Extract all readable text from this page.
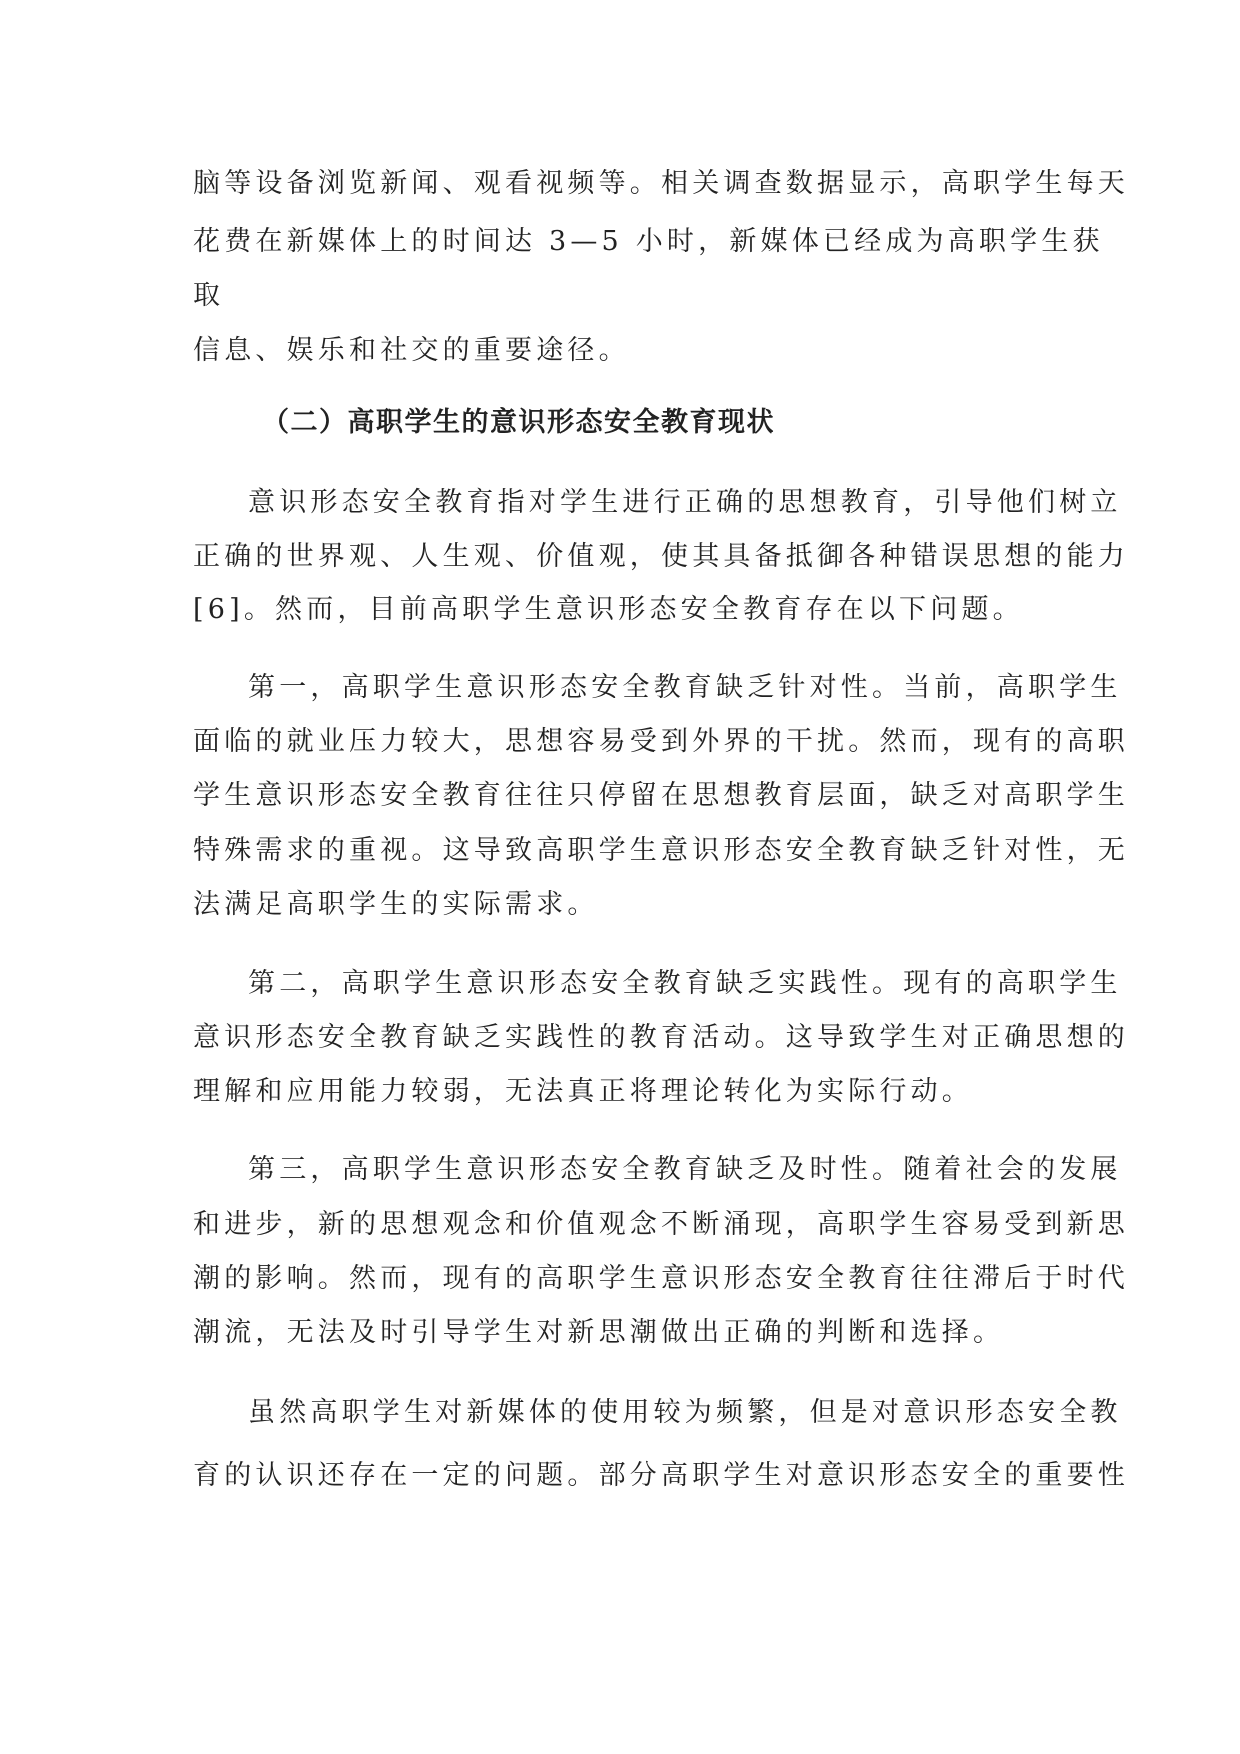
脑等设备浏览新闻、观看视频等。相关调查数据显示，高职学生每天
花费在新媒体上的时间达 3—5 小时，新媒体已经成为高职学生获
取
信息、娱乐和社交的重要途径。
（二）高职学生的意识形态安全教育现状
意识形态安全教育指对学生进行正确的思想教育，引导他们树立
正确的世界观、人生观、价值观，使其具备抵御各种错误思想的能力
[6]。然而，目前高职学生意识形态安全教育存在以下问题。
第一，高职学生意识形态安全教育缺乏针对性。当前，高职学生
面临的就业压力较大，思想容易受到外界的干扰。然而，现有的高职
学生意识形态安全教育往往只停留在思想教育层面，缺乏对高职学生
特殊需求的重视。这导致高职学生意识形态安全教育缺乏针对性，无
法满足高职学生的实际需求。
第二，高职学生意识形态安全教育缺乏实践性。现有的高职学生
意识形态安全教育缺乏实践性的教育活动。这导致学生对正确思想的
理解和应用能力较弱，无法真正将理论转化为实际行动。
第三，高职学生意识形态安全教育缺乏及时性。随着社会的发展
和进步，新的思想观念和价值观念不断涌现，高职学生容易受到新思
潮的影响。然而，现有的高职学生意识形态安全教育往往滞后于时代
潮流，无法及时引导学生对新思潮做出正确的判断和选择。
虽然高职学生对新媒体的使用较为频繁，但是对意识形态安全教
育的认识还存在一定的问题。部分高职学生对意识形态安全的重要性
